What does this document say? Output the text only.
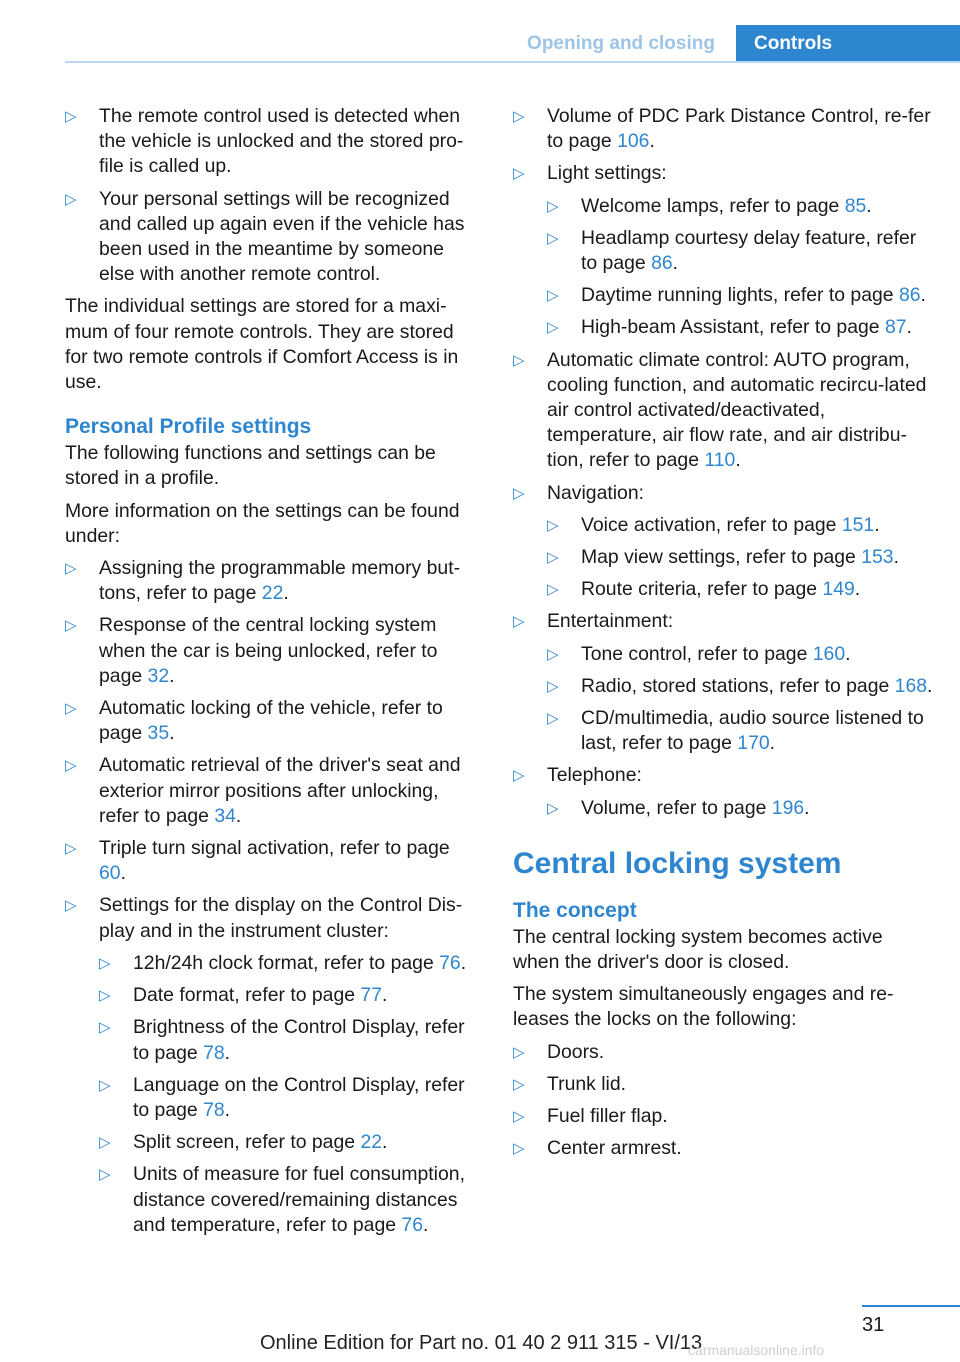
Opening and closing	Controls
▷ The remote control used is detected when the vehicle is unlocked and the stored pro‐file is called up.
▷ Your personal settings will be recognized and called up again even if the vehicle has been used in the meantime by someone else with another remote control.

The individual settings are stored for a maxi‐mum of four remote controls. They are stored for two remote controls if Comfort Access is in use.

Personal Profile settings

The following functions and settings can be stored in a profile.

More information on the settings can be found under:

▷ Assigning the programmable memory but‐tons, refer to page 22.
▷ Response of the central locking system when the car is being unlocked, refer to page 32.
▷ Automatic locking of the vehicle, refer to page 35.
▷ Automatic retrieval of the driver's seat and exterior mirror positions after unlocking, refer to page 34.
▷ Triple turn signal activation, refer to page 60.
▷ Settings for the display on the Control Dis‐play and in the instrument cluster:
▷ 12h/24h clock format, refer to page 76.
▷ Date format, refer to page 77.
▷ Brightness of the Control Display, refer to page 78.
▷ Language on the Control Display, refer to page 78.
▷ Split screen, refer to page 22.
▷ Units of measure for fuel consumption, distance covered/remaining distances and temperature, refer to page 76.
▷ Volume of PDC Park Distance Control, re‐fer to page 106.
▷ Light settings:
▷ Welcome lamps, refer to page 85.
▷ Headlamp courtesy delay feature, refer to page 86.
▷ Daytime running lights, refer to page 86.
▷ High-beam Assistant, refer to page 87.
▷ Automatic climate control: AUTO program, cooling function, and automatic recircu‐lated air control activated/deactivated, temperature, air flow rate, and air distribu‐tion, refer to page 110.
▷ Navigation:
▷ Voice activation, refer to page 151.
▷ Map view settings, refer to page 153.
▷ Route criteria, refer to page 149.
▷ Entertainment:
▷ Tone control, refer to page 160.
▷ Radio, stored stations, refer to page 168.
▷ CD/multimedia, audio source listened to last, refer to page 170.
▷ Telephone:
▷ Volume, refer to page 196.
Central locking system
The concept

The central locking system becomes active when the driver's door is closed.

The system simultaneously engages and re‐leases the locks on the following:

▷ Doors.
▷ Trunk lid.
▷ Fuel filler flap.
▷ Center armrest.
31
Online Edition for Part no. 01 40 2 911 315 - VI/13
carmanualsonline.info
